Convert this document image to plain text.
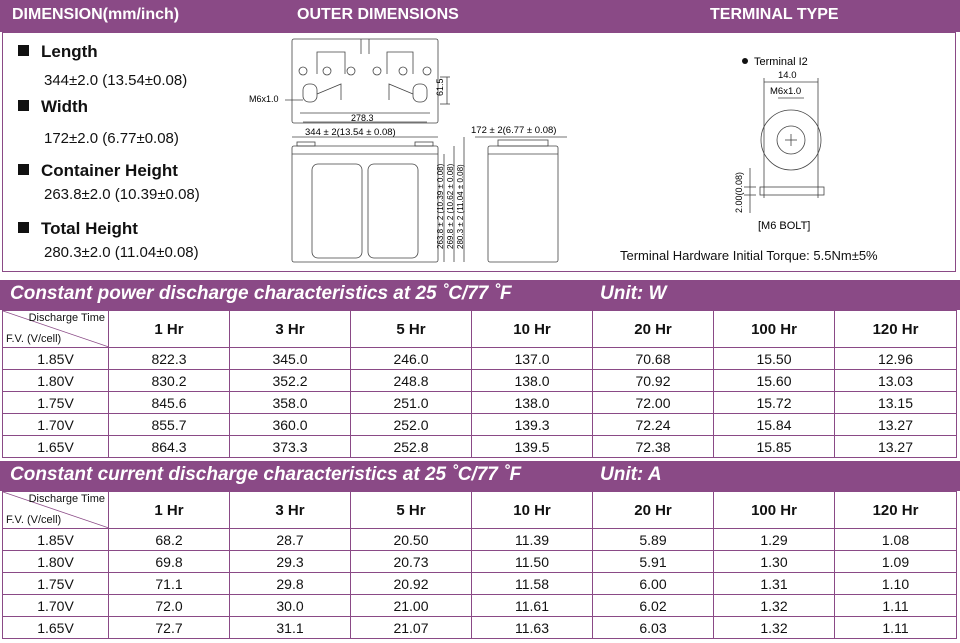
DIMENSION(mm/inch)	OUTER DIMENSIONS	TERMINAL TYPE
Length
344±2.0 (13.54±0.08)
Width
172±2.0 (6.77±0.08)
Container Height
263.8±2.0 (10.39±0.08)
Total Height
280.3±2.0 (11.04±0.08)
M6x1.0
61.5
278.3
344 ± 2(13.54 ± 0.08)	172 ± 2(6.77 ± 0.08)
263.8 ± 2 (10.39 ± 0.08) 269.8 ± 2 (10.62 ± 0.08) 280.3 ± 2 (11.04 ± 0.08)
Terminal I2
14.0
M6x1.0
2.00(0.08)
[M6 BOLT]
Terminal Hardware Initial Torque: 5.5Nm±5%
Constant power discharge characteristics at 25 ˚C/77 ˚F	Unit: W
Discharge Time
F.V. (V/cell)	1 Hr	3 Hr	5 Hr	10 Hr	20 Hr	100 Hr	120 Hr
1.85V	822.3	345.0	246.0	137.0	70.68	15.50	12.96
1.80V	830.2	352.2	248.8	138.0	70.92	15.60	13.03
1.75V	845.6	358.0	251.0	138.0	72.00	15.72	13.15
1.70V	855.7	360.0	252.0	139.3	72.24	15.84	13.27
1.65V	864.3	373.3	252.8	139.5	72.38	15.85	13.27
Constant current discharge characteristics at 25 ˚C/77 ˚F	Unit: A
Discharge Time
F.V. (V/cell)	1 Hr	3 Hr	5 Hr	10 Hr	20 Hr	100 Hr	120 Hr
1.85V	68.2	28.7	20.50	11.39	5.89	1.29	1.08
1.80V	69.8	29.3	20.73	11.50	5.91	1.30	1.09
1.75V	71.1	29.8	20.92	11.58	6.00	1.31	1.10
1.70V	72.0	30.0	21.00	11.61	6.02	1.32	1.11
1.65V	72.7	31.1	21.07	11.63	6.03	1.32	1.11
